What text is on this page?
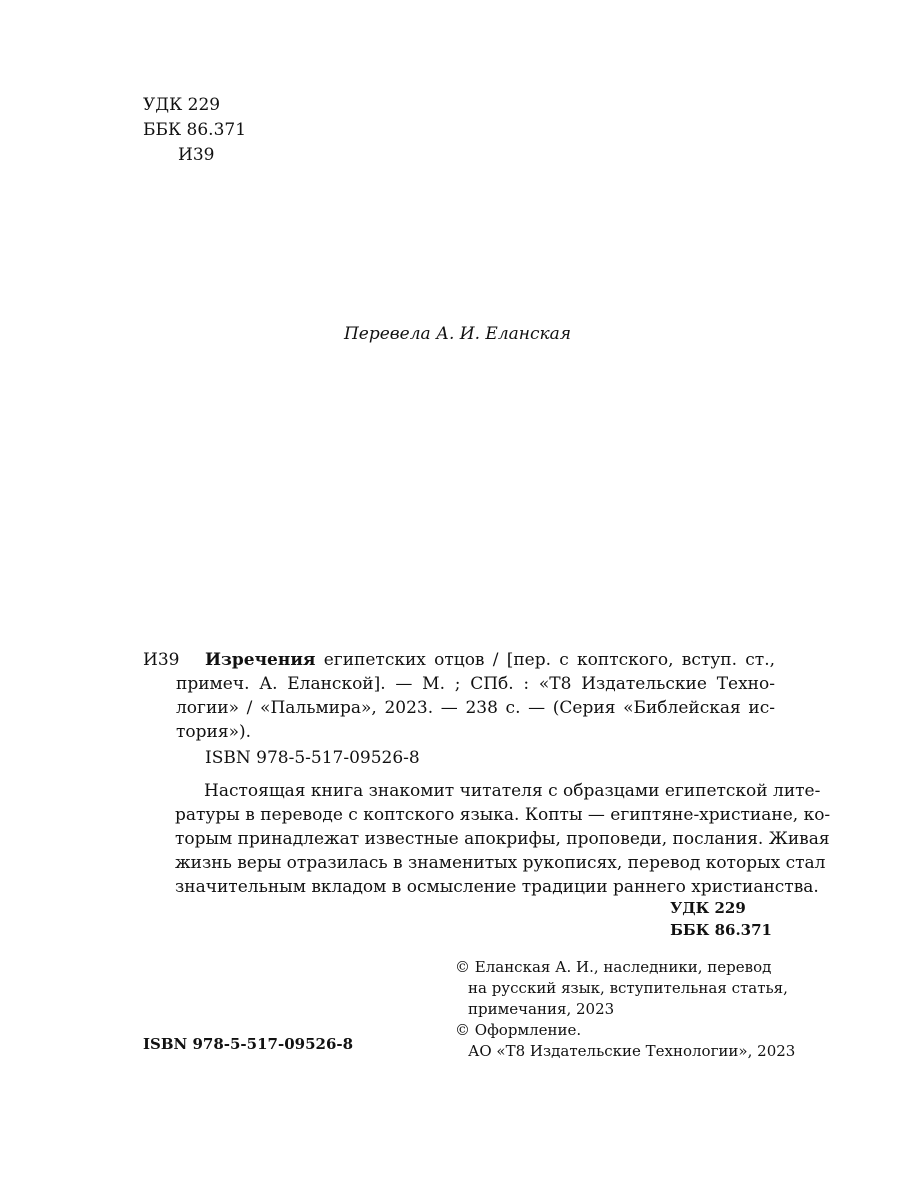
УДК 229
ББК 86.371
И39
Перевела А. И. Еланская
И39 Изречения египетских отцов / [пер. с коптского, вступ. ст.,
примеч. А. Еланской]. — М. ; СПб. : «Т8 Издательские Техно-
логии» / «Пальмира», 2023. — 238 с. — (Серия «Библейская ис-
тория»).
ISBN 978-5-517-09526-8
Настоящая книга знакомит читателя с образцами египетской лите-
ратуры в переводе с коптского языка. Копты — египтяне-христиане, ко-
торым принадлежат известные апокрифы, проповеди, послания. Живая
жизнь веры отразилась в знаменитых рукописях, перевод которых стал
значительным вкладом в осмысление традиции раннего христианства.
УДК 229
ББК 86.371
© Еланская А. И., наследники, перевод
на русский язык, вступительная статья,
примечания, 2023
© Оформление.
АО «Т8 Издательские Технологии», 2023
ISBN 978-5-517-09526-8
